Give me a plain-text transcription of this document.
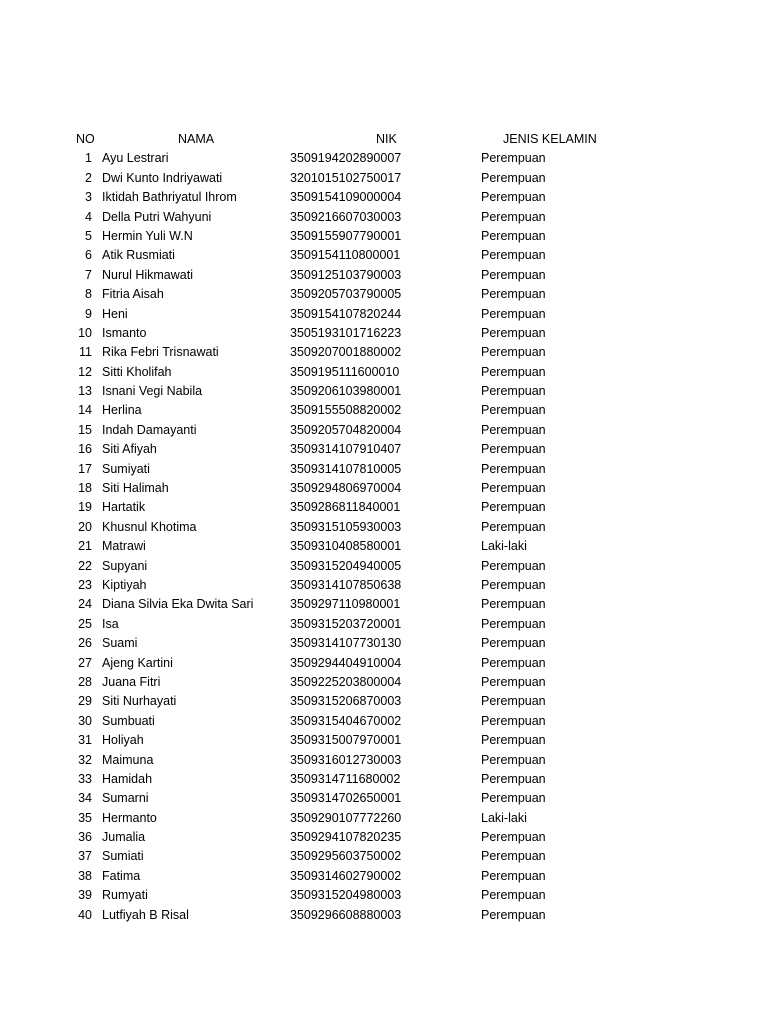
NO	NAMA	NIK	JENIS KELAMIN
1 Ayu Lestrari	3509194202890007	Perempuan
2 Dwi Kunto Indriyawati	3201015102750017	Perempuan
3 Iktidah Bathriyatul Ihrom	3509154109000004	Perempuan
4 Della Putri Wahyuni	3509216607030003	Perempuan
5 Hermin Yuli W.N	3509155907790001	Perempuan
6 Atik Rusmiati	3509154110800001	Perempuan
7 Nurul Hikmawati	3509125103790003	Perempuan
8 Fitria Aisah	3509205703790005	Perempuan
9 Heni	3509154107820244	Perempuan
10 Ismanto	3505193101716223	Perempuan
11 Rika Febri Trisnawati	3509207001880002	Perempuan
12 Sitti Kholifah	3509195111600010	Perempuan
13 Isnani Vegi Nabila	3509206103980001	Perempuan
14 Herlina	3509155508820002	Perempuan
15 Indah Damayanti	3509205704820004	Perempuan
16 Siti Afiyah	3509314107910407	Perempuan
17 Sumiyati	3509314107810005	Perempuan
18 Siti Halimah	3509294806970004	Perempuan
19 Hartatik	3509286811840001	Perempuan
20 Khusnul Khotima	3509315105930003	Perempuan
21 Matrawi	3509310408580001	Laki-laki
22 Supyani	3509315204940005	Perempuan
23 Kiptiyah	3509314107850638	Perempuan
24 Diana Silvia Eka Dwita Sari	3509297110980001	Perempuan
25 Isa	3509315203720001	Perempuan
26 Suami	3509314107730130	Perempuan
27 Ajeng Kartini	3509294404910004	Perempuan
28 Juana Fitri	3509225203800004	Perempuan
29 Siti Nurhayati	3509315206870003	Perempuan
30 Sumbuati	3509315404670002	Perempuan
31 Holiyah	3509315007970001	Perempuan
32 Maimuna	3509316012730003	Perempuan
33 Hamidah	3509314711680002	Perempuan
34 Sumarni	3509314702650001	Perempuan
35 Hermanto	3509290107772260	Laki-laki
36 Jumalia	3509294107820235	Perempuan
37 Sumiati	3509295603750002	Perempuan
38 Fatima	3509314602790002	Perempuan
39 Rumyati	3509315204980003	Perempuan
40 Lutfiyah B Risal	3509296608880003	Perempuan
